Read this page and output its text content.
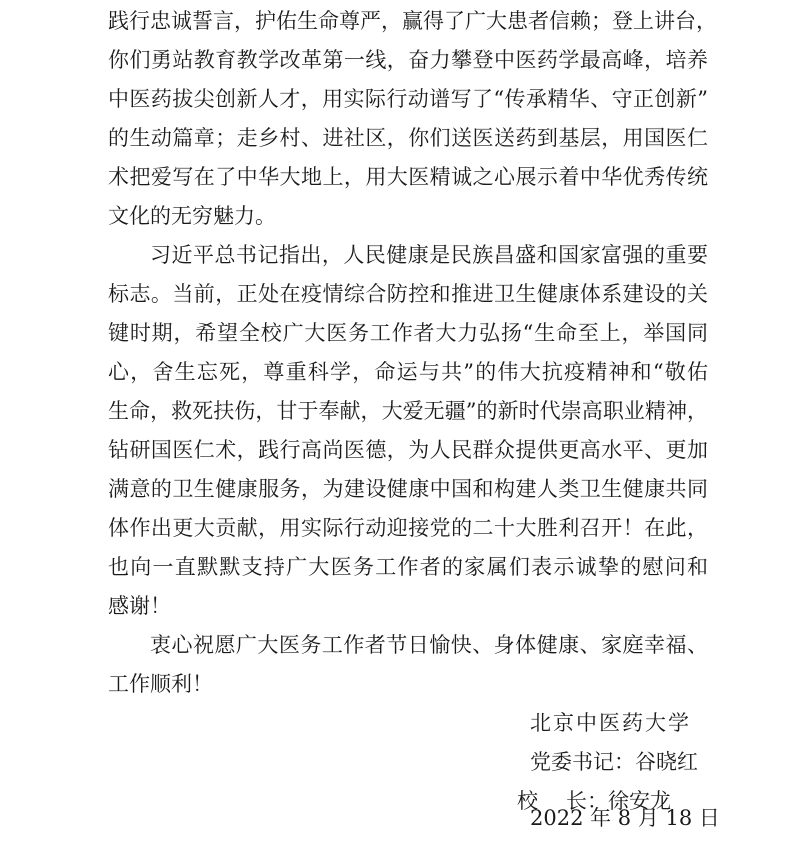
践行忠诚誓言，护佑生命尊严，赢得了广大患者信赖；登上讲台，
你们勇站教育教学改革第一线，奋力攀登中医药学最高峰，培养
中医药拔尖创新人才，用实际行动谱写了“传承精华、守正创新”
的生动篇章；走乡村、进社区，你们送医送药到基层，用国医仁
术把爱写在了中华大地上，用大医精诚之心展示着中华优秀传统
文化的无穷魅力。
习近平总书记指出，人民健康是民族昌盛和国家富强的重要
标志。当前，正处在疫情综合防控和推进卫生健康体系建设的关
键时期，希望全校广大医务工作者大力弘扬“生命至上，举国同
心，舍生忘死，尊重科学，命运与共”的伟大抗疫精神和“敬佑
生命，救死扶伤，甘于奉献，大爱无疆”的新时代崇高职业精神，
钻研国医仁术，践行高尚医德，为人民群众提供更高水平、更加
满意的卫生健康服务，为建设健康中国和构建人类卫生健康共同
体作出更大贡献，用实际行动迎接党的二十大胜利召开！在此，
也向一直默默支持广大医务工作者的家属们表示诚挚的慰问和
感谢！
衷心祝愿广大医务工作者节日愉快、身体健康、家庭幸福、
工作顺利！
北京中医药大学
党委书记：谷晓红
校长：徐安龙
2022 年 8 月 18 日
